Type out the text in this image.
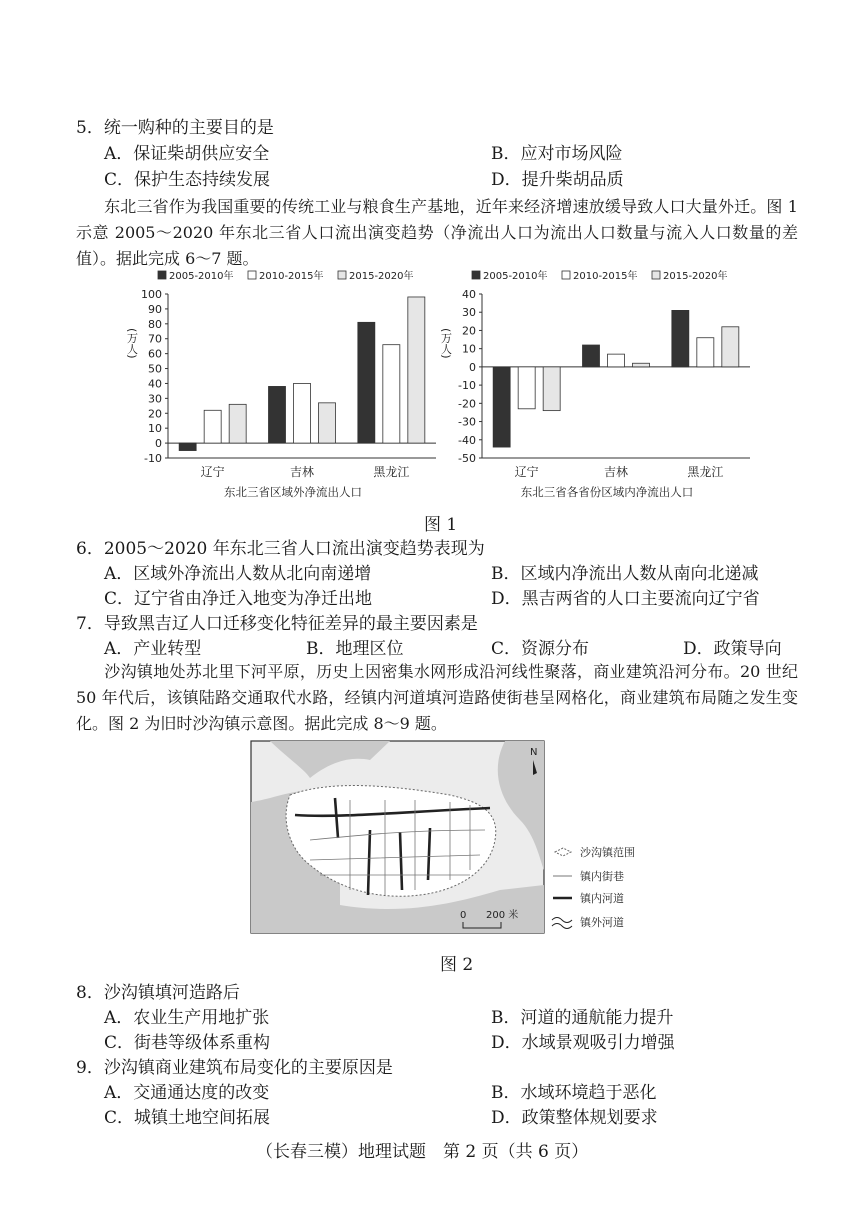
5．统一购种的主要目的是
A．保证柴胡供应安全	B．应对市场风险
C．保护生态持续发展	D．提升柴胡品质
东北三省作为我国重要的传统工业与粮食生产基地，近年来经济增速放缓导致人口大量外迁。图 1 示意 2005～2020 年东北三省人口流出演变趋势（净流出人口为流出人口数量与流入人口数量的差值）。据此完成 6～7 题。
2005-2010年	2010-2015年	2015-2020年
(万人)
100
90
80
70
60
50
40
30
20
10
0
-10
辽宁	吉林	黑龙江
东北三省区域外净流出人口
2005-2010年	2010-2015年	2015-2020年
(万人)
40
30
20
10
0
-10
-20
-30
-40
-50
辽宁	吉林	黑龙江
东北三省各省份区域内净流出人口
图 1
6．2005～2020 年东北三省人口流出演变趋势表现为
A．区域外净流出人数从北向南递增	B．区域内净流出人数从南向北递减
C．辽宁省由净迁入地变为净迁出地	D．黑吉两省的人口主要流向辽宁省
7．导致黑吉辽人口迁移变化特征差异的最主要因素是
A．产业转型	B．地理区位	C．资源分布	D．政策导向
沙沟镇地处苏北里下河平原，历史上因密集水网形成沿河线性聚落，商业建筑沿河分布。20 世纪 50 年代后，该镇陆路交通取代水路，经镇内河道填河造路使街巷呈网格化，商业建筑布局随之发生变化。图 2 为旧时沙沟镇示意图。据此完成 8～9 题。
N
0 200 米
沙沟镇范围
镇内街巷
镇内河道
镇外河道
图 2
8．沙沟镇填河造路后
A．农业生产用地扩张	B．河道的通航能力提升
C．街巷等级体系重构	D．水域景观吸引力增强
9．沙沟镇商业建筑布局变化的主要原因是
A．交通通达度的改变	B．水域环境趋于恶化
C．城镇土地空间拓展	D．政策整体规划要求
（长春三模）地理试题　第 2 页（共 6 页）
